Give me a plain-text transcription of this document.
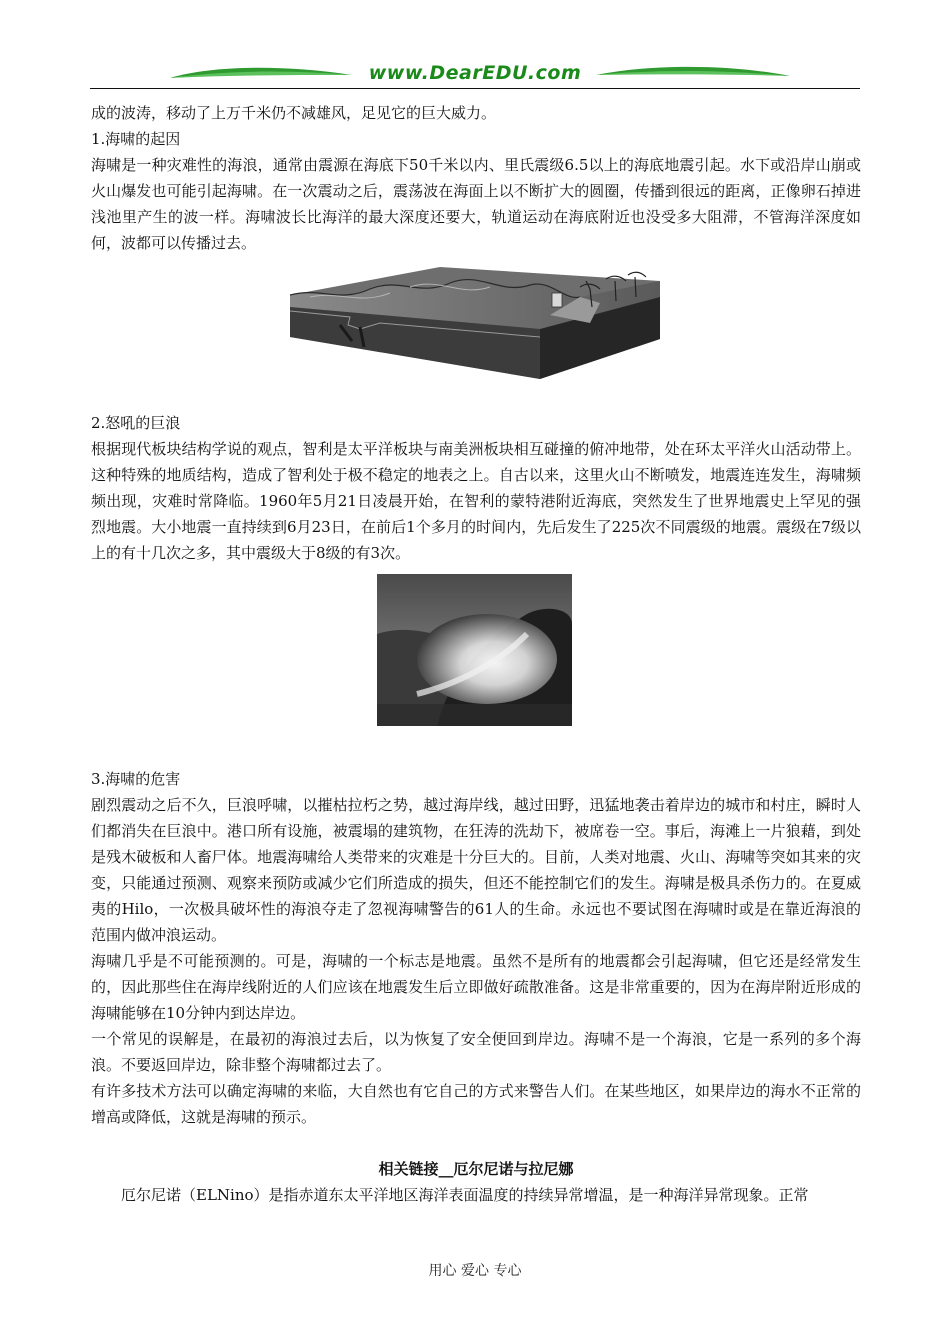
www.DearEDU.com

成的波涛，移动了上万千米仍不减雄风，足见它的巨大威力。

1.海啸的起因

海啸是一种灾难性的海浪，通常由震源在海底下50千米以内、里氏震级6.5以上的海底地震引起。水下或沿岸山崩或火山爆发也可能引起海啸。在一次震动之后，震荡波在海面上以不断扩大的圆圈，传播到很远的距离，正像卵石掉进浅池里产生的波一样。海啸波长比海洋的最大深度还要大，轨道运动在海底附近也没受多大阻滞，不管海洋深度如何，波都可以传播过去。

2.怒吼的巨浪

根据现代板块结构学说的观点，智利是太平洋板块与南美洲板块相互碰撞的俯冲地带，处在环太平洋火山活动带上。这种特殊的地质结构，造成了智利处于极不稳定的地表之上。自古以来，这里火山不断喷发，地震连连发生，海啸频频出现，灾难时常降临。1960年5月21日凌晨开始，在智利的蒙特港附近海底，突然发生了世界地震史上罕见的强烈地震。大小地震一直持续到6月23日，在前后1个多月的时间内，先后发生了225次不同震级的地震。震级在7级以上的有十几次之多，其中震级大于8级的有3次。

3.海啸的危害

剧烈震动之后不久，巨浪呼啸，以摧枯拉朽之势，越过海岸线，越过田野，迅猛地袭击着岸边的城市和村庄，瞬时人们都消失在巨浪中。港口所有设施，被震塌的建筑物，在狂涛的洗劫下，被席卷一空。事后，海滩上一片狼藉，到处是残木破板和人畜尸体。地震海啸给人类带来的灾难是十分巨大的。目前，人类对地震、火山、海啸等突如其来的灾变，只能通过预测、观察来预防或减少它们所造成的损失，但还不能控制它们的发生。海啸是极具杀伤力的。在夏威夷的Hilo，一次极具破坏性的海浪夺走了忽视海啸警告的61人的生命。永远也不要试图在海啸时或是在靠近海浪的范围内做冲浪运动。

海啸几乎是不可能预测的。可是，海啸的一个标志是地震。虽然不是所有的地震都会引起海啸，但它还是经常发生的，因此那些住在海岸线附近的人们应该在地震发生后立即做好疏散准备。这是非常重要的，因为在海岸附近形成的海啸能够在10分钟内到达岸边。

一个常见的误解是，在最初的海浪过去后，以为恢复了安全便回到岸边。海啸不是一个海浪，它是一系列的多个海浪。不要返回岸边，除非整个海啸都过去了。

有许多技术方法可以确定海啸的来临，大自然也有它自己的方式来警告人们。在某些地区，如果岸边的海水不正常的增高或降低，这就是海啸的预示。

相关链接__厄尔尼诺与拉尼娜

厄尔尼诺（ELNino）是指赤道东太平洋地区海洋表面温度的持续异常增温，是一种海洋异常现象。正常

用心 爱心 专心
